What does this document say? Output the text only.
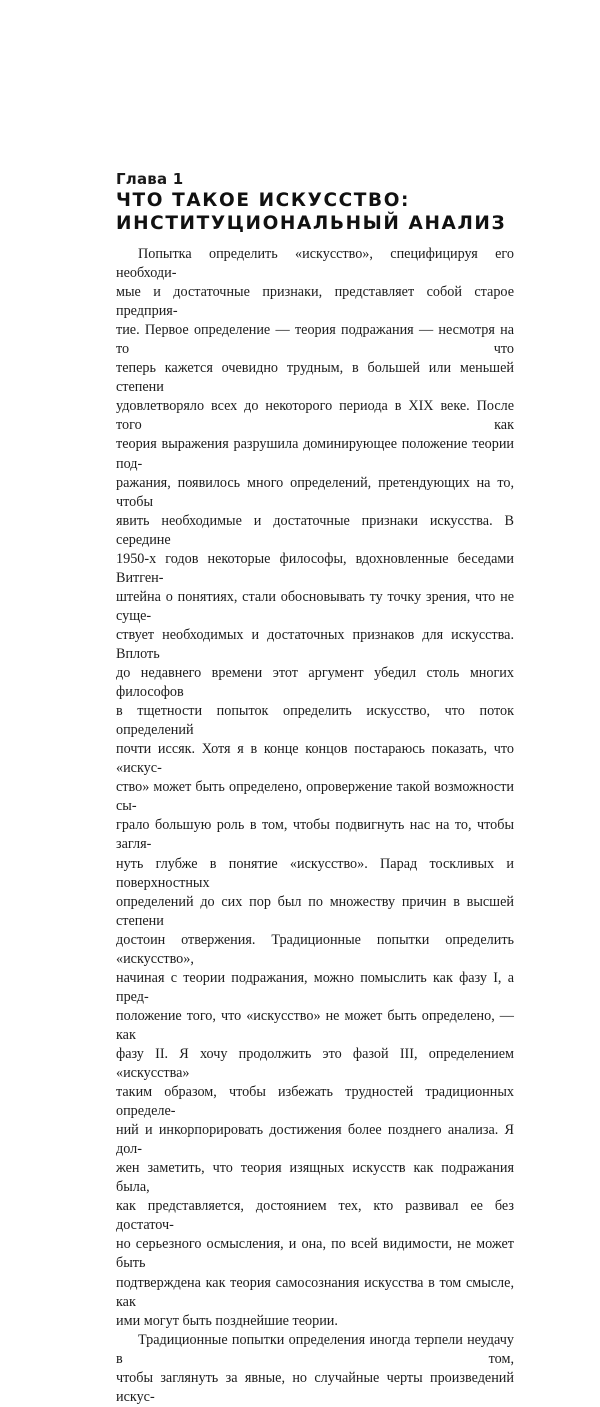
Глава 1
ЧТО ТАКОЕ ИСКУССТВО:
ИНСТИТУЦИОНАЛЬНЫЙ АНАЛИЗ

Попытка определить «искусство», специфицируя его необходи-
мые и достаточные признаки, представляет собой старое предприя-
тие. Первое определение — теория подражания — несмотря на то что
теперь кажется очевидно трудным, в большей или меньшей степени
удовлетворяло всех до некоторого периода в XIX веке. После того как
теория выражения разрушила доминирующее положение теории под-
ражания, появилось много определений, претендующих на то, чтобы
явить необходимые и достаточные признаки искусства. В середине
1950-х годов некоторые философы, вдохновленные беседами Витген-
штейна о понятиях, стали обосновывать ту точку зрения, что не суще-
ствует необходимых и достаточных признаков для искусства. Вплоть
до недавнего времени этот аргумент убедил столь многих философов
в тщетности попыток определить искусство, что поток определений
почти иссяк. Хотя я в конце концов постараюсь показать, что «искус-
ство» может быть определено, опровержение такой возможности сы-
грало большую роль в том, чтобы подвигнуть нас на то, чтобы загля-
нуть глубже в понятие «искусство». Парад тоскливых и поверхностных
определений до сих пор был по множеству причин в высшей степени
достоин отвержения. Традиционные попытки определить «искусство»,
начиная с теории подражания, можно помыслить как фазу I, а пред-
положение того, что «искусство» не может быть определено, — как
фазу II. Я хочу продолжить это фазой III, определением «искусства»
таким образом, чтобы избежать трудностей традиционных определе-
ний и инкорпорировать достижения более позднего анализа. Я дол-
жен заметить, что теория изящных искусств как подражания была,
как представляется, достоянием тех, кто развивал ее без достаточ-
но серьезного осмысления, и она, по всей видимости, не может быть
подтверждена как теория самосознания искусства в том смысле, как
ими могут быть позднейшие теории.

Традиционные попытки определения иногда терпели неудачу в том,
чтобы заглянуть за явные, но случайные черты произведений искус-
